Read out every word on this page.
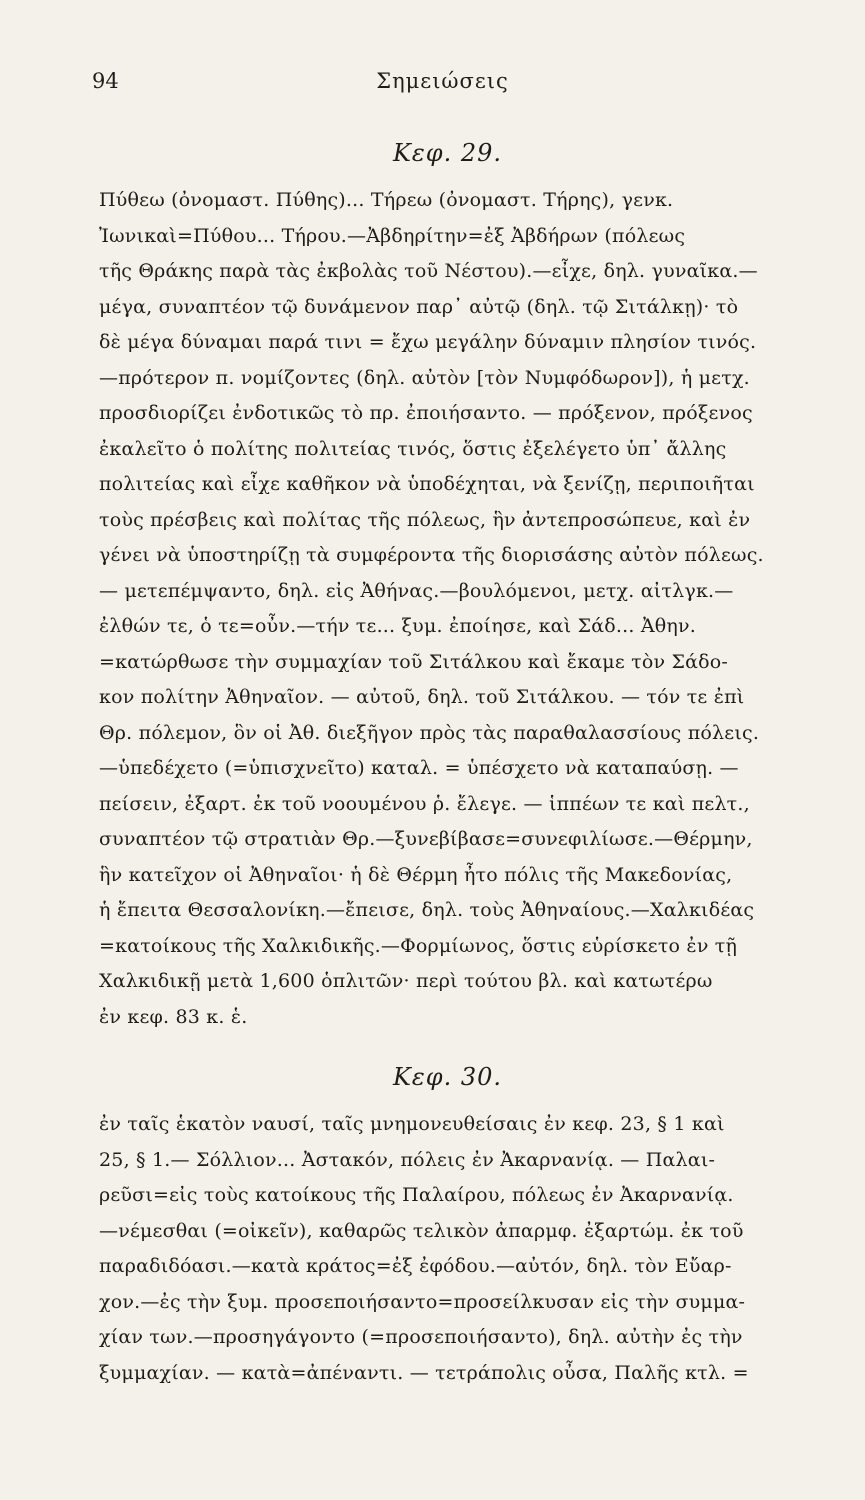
94	Σημειώσεις
Κεφ. 29.
Πύθεω (ὀνομαστ. Πύθης)... Τήρεω (ὀνομαστ. Τήρης), γενκ.
Ἰωνικαὶ=Πύθου... Τήρου.—Ἀβδηρίτην=ἐξ Ἀβδήρων (πόλεως
τῆς Θράκης παρὰ τὰς ἐκβολὰς τοῦ Νέστου).—εἶχε, δηλ. γυναῖκα.—
μέγα, συναπτέον τῷ δυνάμενον παρ᾽ αὐτῷ (δηλ. τῷ Σιτάλκῃ)· τὸ
δὲ μέγα δύναμαι παρά τινι = ἔχω μεγάλην δύναμιν πλησίον τινός.
—πρότερον π. νομίζοντες (δηλ. αὐτὸν [τὸν Νυμφόδωρον]), ἡ μετχ.
προσδιορίζει ἐνδοτικῶς τὸ πρ. ἐποιήσαντο. — πρόξενον, πρόξενος
ἐκαλεῖτο ὁ πολίτης πολιτείας τινός, ὅστις ἐξελέγετο ὑπ᾽ ἄλλης
πολιτείας καὶ εἶχε καθῆκον νὰ ὑποδέχηται, νὰ ξενίζῃ, περιποιῆται
τοὺς πρέσβεις καὶ πολίτας τῆς πόλεως, ἣν ἀντεπροσώπευε, καὶ ἐν
γένει νὰ ὑποστηρίζῃ τὰ συμφέροντα τῆς διορισάσης αὐτὸν πόλεως.
— μετεπέμψαντο, δηλ. εἰς Ἀθήνας.—βουλόμενοι, μετχ. αἰτλγκ.—
ἐλθών τε, ὁ τε=οὖν.—τήν τε... ξυμ. ἐποίησε, καὶ Σάδ... Ἀθην.
=κατώρθωσε τὴν συμμαχίαν τοῦ Σιτάλκου καὶ ἔκαμε τὸν Σάδο-
κον πολίτην Ἀθηναῖον. — αὐτοῦ, δηλ. τοῦ Σιτάλκου. — τόν τε ἐπὶ
Θρ. πόλεμον, ὃν οἱ Ἀθ. διεξῆγον πρὸς τὰς παραθαλασσίους πόλεις.
—ὑπεδέχετο (=ὑπισχνεῖτο) καταλ. = ὑπέσχετο νὰ καταπαύσῃ. —
πείσειν, ἐξαρτ. ἐκ τοῦ νοουμένου ῥ. ἔλεγε. — ἱππέων τε καὶ πελτ.,
συναπτέον τῷ στρατιὰν Θρ.—ξυνεβίβασε=συνεφιλίωσε.—Θέρμην,
ἣν κατεῖχον οἱ Ἀθηναῖοι· ἡ δὲ Θέρμη ἦτο πόλις τῆς Μακεδονίας,
ἡ ἔπειτα Θεσσαλονίκη.—ἔπεισε, δηλ. τοὺς Ἀθηναίους.—Χαλκιδέας
=κατοίκους τῆς Χαλκιδικῆς.—Φορμίωνος, ὅστις εὑρίσκετο ἐν τῇ
Χαλκιδικῇ μετὰ 1,600 ὁπλιτῶν· περὶ τούτου βλ. καὶ κατωτέρω
ἐν κεφ. 83 κ. ἑ.
Κεφ. 30.
ἐν ταῖς ἑκατὸν ναυσί, ταῖς μνημονευθείσαις ἐν κεφ. 23, § 1 καὶ
25, § 1.— Σόλλιον... Ἀστακόν, πόλεις ἐν Ἀκαρνανίᾳ. — Παλαι-
ρεῦσι=εἰς τοὺς κατοίκους τῆς Παλαίρου, πόλεως ἐν Ἀκαρνανίᾳ.
—νέμεσθαι (=οἰκεῖν), καθαρῶς τελικὸν ἀπαρμφ. ἐξαρτώμ. ἐκ τοῦ
παραδιδόασι.—κατὰ κράτος=ἐξ ἐφόδου.—αὐτόν, δηλ. τὸν Εὔαρ-
χον.—ἐς τὴν ξυμ. προσεποιήσαντο=προσείλκυσαν εἰς τὴν συμμα-
χίαν των.—προσηγάγοντο (=προσεποιήσαντο), δηλ. αὐτὴν ἐς τὴν
ξυμμαχίαν. — κατὰ=ἀπέναντι. — τετράπολις οὖσα, Παλῆς κτλ. =
